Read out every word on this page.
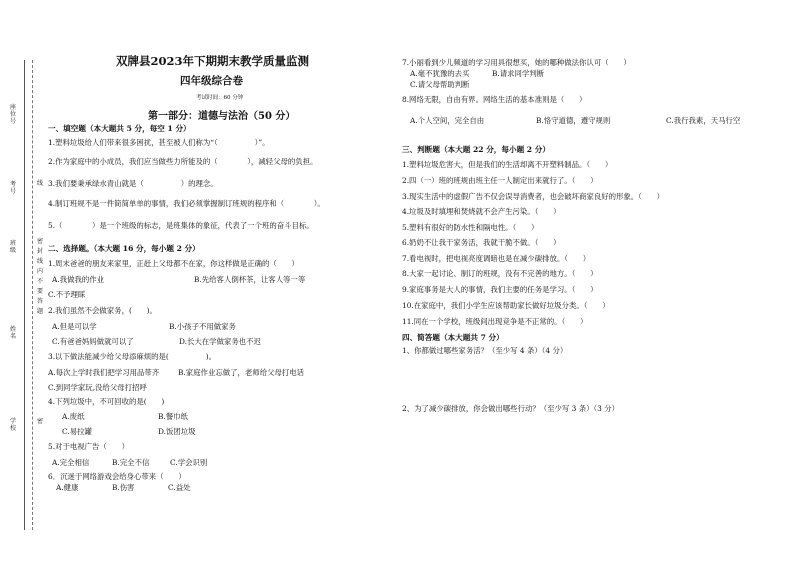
座位号
考号
班级
姓名
学校
线
密
封
线
内
不
要
答
题
密
双牌县2023年下期期末教学质量监测
四年级综合卷
考试时间：60 分钟
第一部分：道德与法治（50 分）
一、填空题（本大题共 5 分，每空 1 分）
1.塑料垃圾给人们带来很多困扰，甚至被人们称为“（　　　　　）”。
2.作为家庭中的小成员，我们应当做些力所能及的（　　　　），减轻父母的负担。
3.我们要秉承绿水青山就是（　　　　　）的理念。
4.制订班规不是一件简简单单的事情，我们必须掌握制订班规的程序和（　　　　）。
5.（　　　　）是一个班级的标志，是班集体的象征，代表了一个班的奋斗目标。
二、选择题。（本大题 16 分，每小题 2 分）
1.周末爸爸的朋友来家里，正赶上父母都不在家，你这样做是正确的（　　）
A.我做我的作业	B.先给客人倒杯茶，让客人等一等
C.不予理睬
2.我们虽然不会做家务，(　　)。
A.但是可以学	B.小孩子不用做家务
C.有爸爸妈妈做就可以了	D.长大在学做家务也不迟
3.以下做法能减少给父母添麻烦的是(　　　　　)。
A.每次上学时我们把学习用品带齐	B.家庭作业忘做了，老师给父母打电话
C.到同学家玩,没给父母打招呼
4.下列垃圾中，不可回收的是(　　)
A.废纸	B.餐巾纸
C.易拉罐	D.饭团垃圾
5.对于电视广告（　　）
A.完全相信	B.完全不信	C.学会识别
6．沉迷于网络游戏会给身心带来（　　）
A.健康	B.伤害	C.益处
7.小丽看到少儿频道的学习用具很想买，她的哪种做法你认可（　　）
A.毫不犹豫的去买	B.请求同学判断
C.请父母帮助判断
8.网络无限，自由有界。网络生活的基本准则是（　　）
A.个人空间，完全自由	B.恪守道德，遵守规则	C.我行我素，天马行空
三、判断题（本大题 22 分，每小题 2 分）
1.塑料垃圾危害大，但是我们的生活却离不开塑料制品。（　　）
2.四（一）班的班规由班主任一人制定出来就行了。（　　）
3.现实生活中的虚假广告不仅会误导消费者，也会破坏商家良好的形象。（　　）
4.垃圾及时填埋和焚烧就不会产生污染。（　　）
5.塑料有很好的防水性和隔电性。（　　）
6.奶奶不让我干家务活，我就干脆不做。（　　）
7.看电视时，把电视亮度调暗也是在减少碳排放。（　　）
8.大家一起讨论、制订的班规，没有不完善的地方。（　　）
9.家庭事务是大人的事情，我们主要的任务是学习。（　　）
10.在家庭中，我们小学生应该帮助家长做好垃圾分类。（　　）
11.同在一个学校，班级间出现竞争是不正常的。（　　）
四、简答题（本大题共 7 分）
1、你都做过哪些家务活？（至少写 4 条）（4 分）
2、为了减少碳排放，你会做出哪些行动？（至少写 3 条）（3 分）
